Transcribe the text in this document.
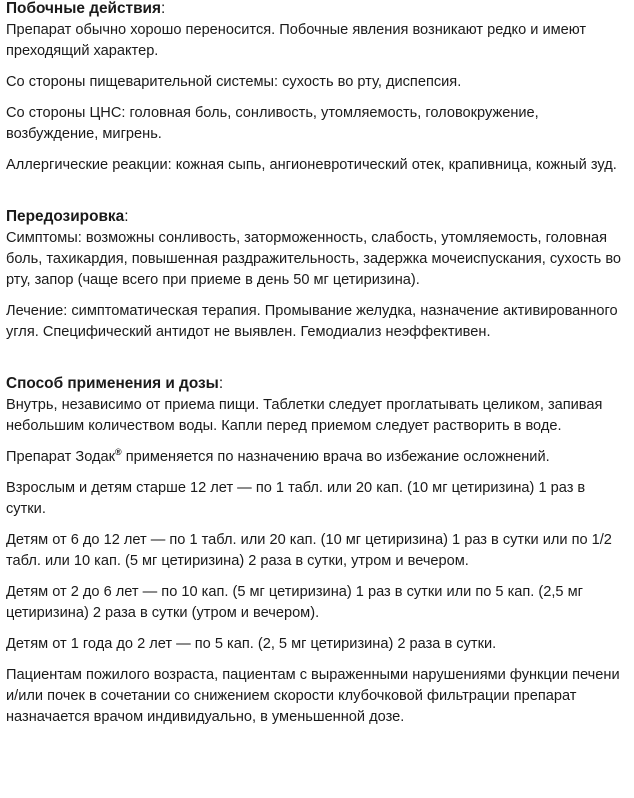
Побочные действия:

Препарат обычно хорошо переносится. Побочные явления возникают редко и имеют преходящий характер.

Со стороны пищеварительной системы: сухость во рту, диспепсия.

Со стороны ЦНС: головная боль, сонливость, утомляемость, головокружение, возбуждение, мигрень.

Аллергические реакции: кожная сыпь, ангионевротический отек, крапивница, кожный зуд.

Передозировка:

Симптомы: возможны сонливость, заторможенность, слабость, утомляемость, головная боль, тахикардия, повышенная раздражительность, задержка мочеиспускания, сухость во рту, запор (чаще всего при приеме в день 50 мг цетиризина).

Лечение: симптоматическая терапия. Промывание желудка, назначение активированного угля. Специфический антидот не выявлен. Гемодиализ неэффективен.

Способ применения и дозы:

Внутрь, независимо от приема пищи. Таблетки следует проглатывать целиком, запивая небольшим количеством воды. Капли перед приемом следует растворить в воде.

Препарат Зодак® применяется по назначению врача во избежание осложнений.

Взрослым и детям старше 12 лет — по 1 табл. или 20 кап. (10 мг цетиризина) 1 раз в сутки.

Детям от 6 до 12 лет — по 1 табл. или 20 кап. (10 мг цетиризина) 1 раз в сутки или по 1/2 табл. или 10 кап. (5 мг цетиризина) 2 раза в сутки, утром и вечером.

Детям от 2 до 6 лет — по 10 кап. (5 мг цетиризина) 1 раз в сутки или по 5 кап. (2,5 мг цетиризина) 2 раза в сутки (утром и вечером).

Детям от 1 года до 2 лет — по 5 кап. (2, 5 мг цетиризина) 2 раза в сутки.

Пациентам пожилого возраста, пациентам с выраженными нарушениями функции печени и/или почек в сочетании со снижением скорости клубочковой фильтрации препарат назначается врачом индивидуально, в уменьшенной дозе.
